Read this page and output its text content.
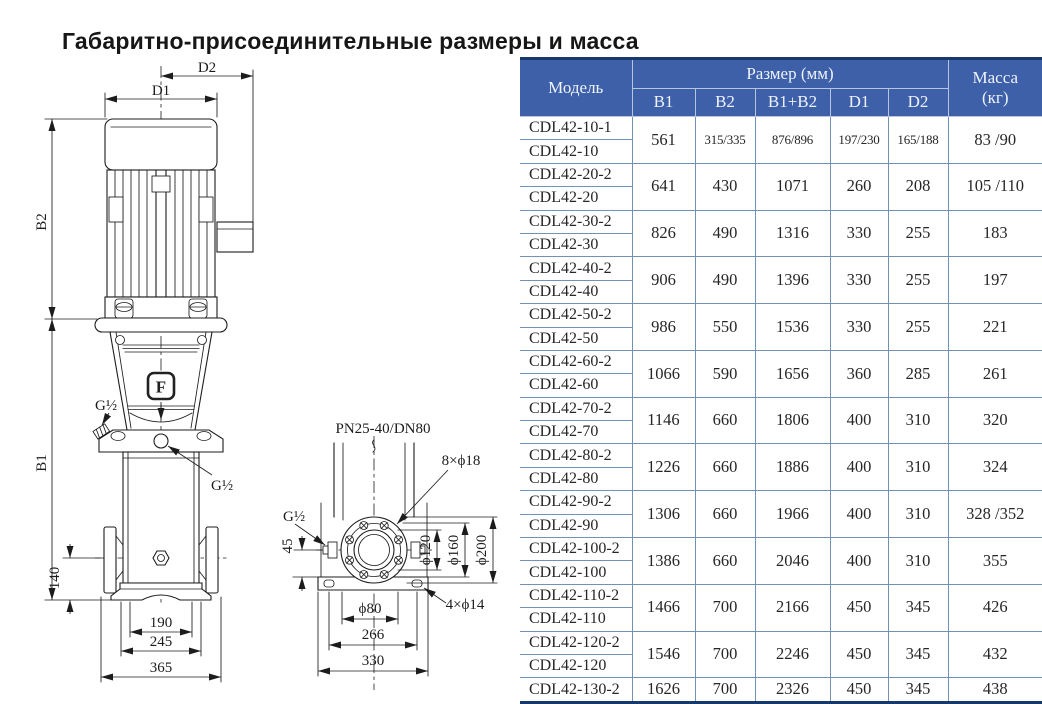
Габаритно-присоединительные размеры и масса
F
D2
D1
B2
B1
140
190
245
365
G½
G½
PN25-40/DN80
8×ϕ18
G½
45	ϕ120 ϕ160 ϕ200
4×ϕ14
ϕ80
266
330
Модель	Размер (мм)					Масса
(кг)

	B1	B2	B1+B2	D1	D2	
CDL42-10-1	561	315/335	876/896	197/230	165/188	83 /90
CDL42-10						
CDL42-20-2	641	430	1071	260	208	105 /110
CDL42-20						
CDL42-30-2	826	490	1316	330	255	183
CDL42-30						
CDL42-40-2	906	490	1396	330	255	197
CDL42-40						
CDL42-50-2	986	550	1536	330	255	221
CDL42-50						
CDL42-60-2	1066	590	1656	360	285	261
CDL42-60						
CDL42-70-2	1146	660	1806	400	310	320
CDL42-70						
CDL42-80-2	1226	660	1886	400	310	324
CDL42-80						
CDL42-90-2	1306	660	1966	400	310	328 /352
CDL42-90						
CDL42-100-2	1386	660	2046	400	310	355
CDL42-100						
CDL42-110-2	1466	700	2166	450	345	426
CDL42-110						
CDL42-120-2	1546	700	2246	450	345	432
CDL42-120						
CDL42-130-2	1626	700	2326	450	345	438
